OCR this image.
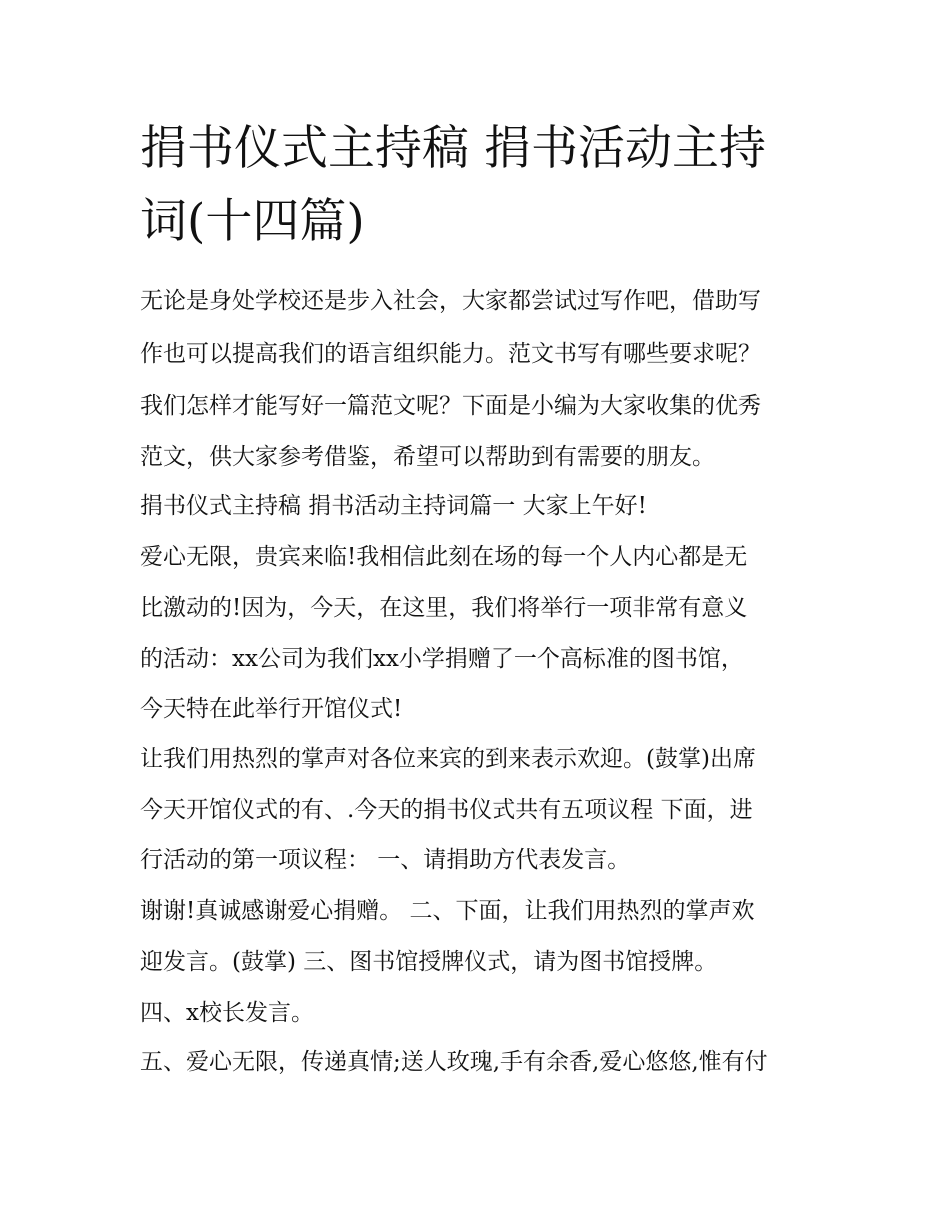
捐书仪式主持稿 捐书活动主持
词(十四篇)

无论是身处学校还是步入社会，大家都尝试过写作吧，借助写

作也可以提高我们的语言组织能力。范文书写有哪些要求呢？

我们怎样才能写好一篇范文呢？下面是小编为大家收集的优秀

范文，供大家参考借鉴，希望可以帮助到有需要的朋友。

捐书仪式主持稿 捐书活动主持词篇一 大家上午好!

爱心无限，贵宾来临!我相信此刻在场的每一个人内心都是无

比激动的!因为，今天，在这里，我们将举行一项非常有意义

的活动：xx公司为我们xx小学捐赠了一个高标准的图书馆，

今天特在此举行开馆仪式!

让我们用热烈的掌声对各位来宾的到来表示欢迎。(鼓掌)出席

今天开馆仪式的有、.今天的捐书仪式共有五项议程 下面，进

行活动的第一项议程： 一、请捐助方代表发言。

谢谢!真诚感谢爱心捐赠。 二、下面，让我们用热烈的掌声欢

迎发言。(鼓掌) 三、图书馆授牌仪式，请为图书馆授牌。

四、x校长发言。

五、爱心无限，传递真情;送人玫瑰,手有余香,爱心悠悠,惟有付
